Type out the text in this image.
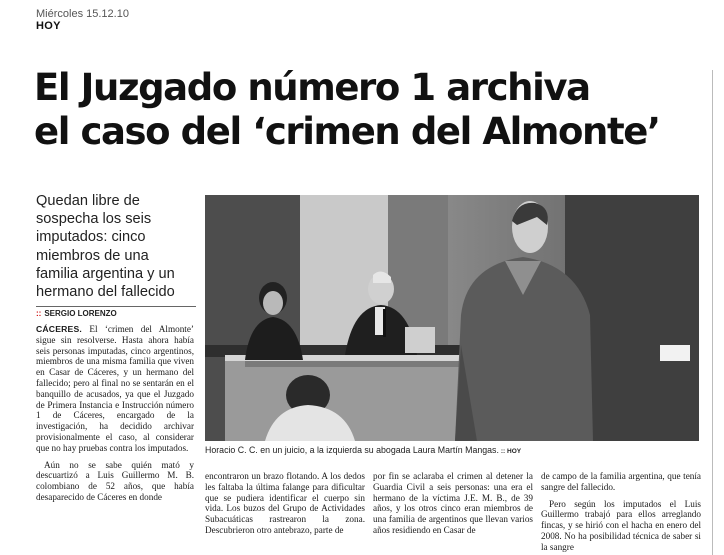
Miércoles 15.12.10
HOY
El Juzgado número 1 archiva
el caso del ‘crimen del Almonte’

Quedan libre de sospecha los seis imputados: cinco miembros de una familia argentina y un hermano del fallecido

:: SERGIO LORENZO

CÁCERES. El ‘crimen del Almonte’ sigue sin resolverse. Hasta ahora había seis personas imputadas, cinco argentinos, miembros de una misma familia que viven en Casar de Cáceres, y un hermano del fallecido; pero al final no se sentarán en el banquillo de acusados, ya que el Juzgado de Primera Instancia e Instrucción número 1 de Cáceres, encargado de la investigación, ha decidido archivar provisionalmente el caso, al considerar que no hay pruebas contra los imputados.

Aún no se sabe quién mató y descuartizó a Luis Guillermo M. B. colombiano de 52 años, que había desaparecido de Cáceres en donde

Horacio C. C. en un juicio, a la izquierda su abogada Laura Martín Mangas. :: HOY

encontraron un brazo flotando. A los dedos les faltaba la última falange para dificultar que se pudiera identificar el cuerpo sin vida. Los buzos del Grupo de Actividades Subacuáticas rastrearon la zona. Descubrieron otro antebrazo, parte de

por fin se aclaraba el crimen al detener la Guardia Civil a seis personas: una era el hermano de la víctima J.E. M. B., de 39 años, y los otros cinco eran miembros de una familia de argentinos que llevan varios años residiendo en Casar de

de campo de la familia argentina, que tenía sangre del fallecido.

Pero según los imputados el Luis Guillermo trabajó para ellos arreglando fincas, y se hirió con el hacha en enero del 2008. No ha posibilidad técnica de saber si la sangre
